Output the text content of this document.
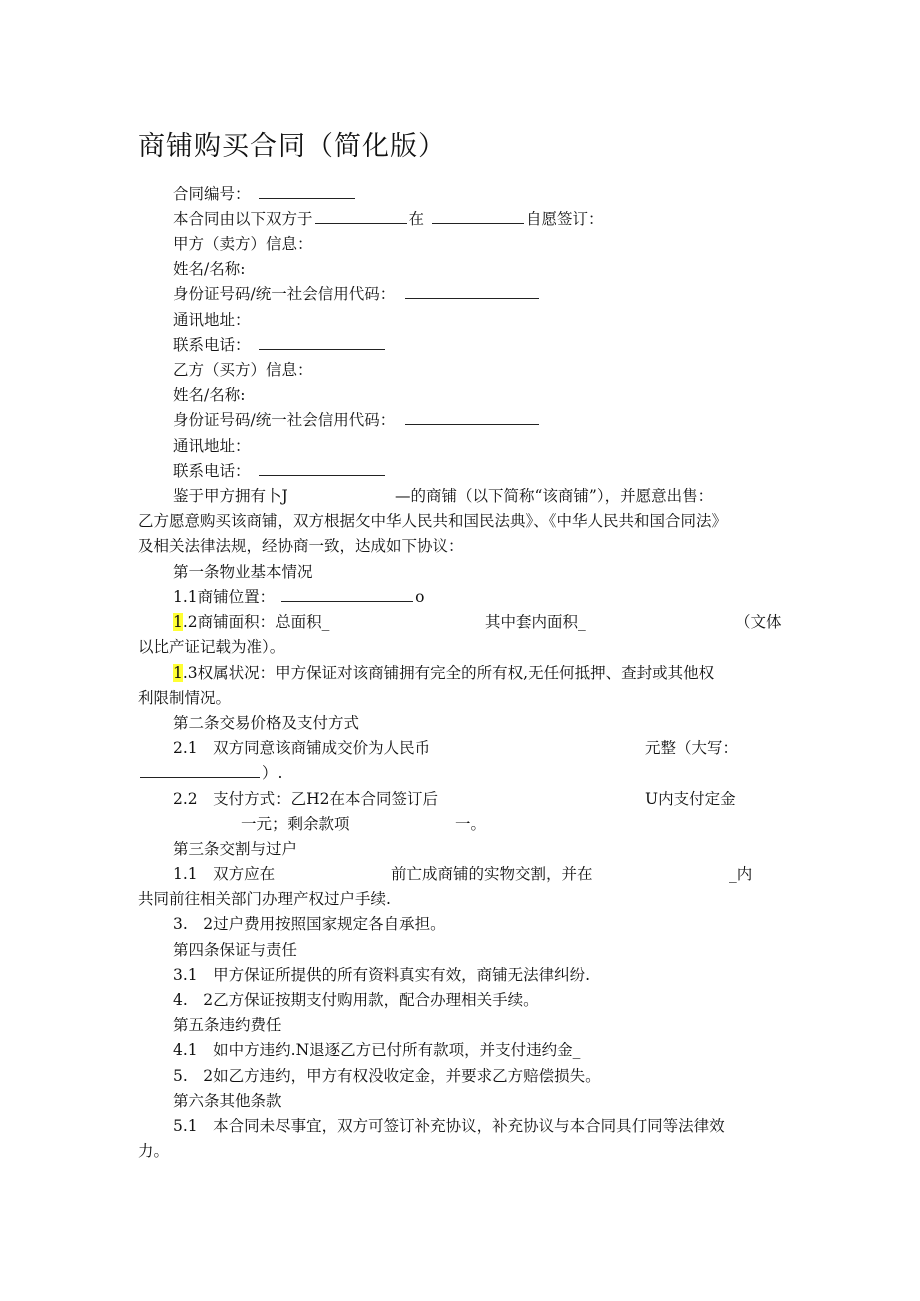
商铺购买合同（简化版）
合同编号：
本合同由以下双方于	在	自愿签订：
甲方（卖方）信息：
姓名/名称:
身份证号码/统一社会信用代码：
通讯地址：
联系电话：
乙方（买方）信息：
姓名/名称:
身份证号码/统一社会信用代码：
通讯地址：
联系电话：
鉴于甲方拥有卜J	—的商铺（以下简称“该商铺”），并愿意出售：
乙方愿意购买该商铺，双方根据攵中华人民共和国民法典》、《中华人民共和国合同法》
及相关法律法规，经协商一致，达成如下协议：
第一条物业基本情况
1.1商铺位置：	o
1.2商铺面积：总面积_	其中套内面积_	（文体
以比产证记载为准）。
1.3权属状况：甲方保证对该商铺拥有完全的所有权,无任何抵押、查封或其他权
利限制情况。
第二条交易价格及支付方式
2.1　双方同意该商铺成交价为人民币	元整（大写：
）.
2.2　支付方式：乙H2在本合同签订后	U内支付定金
一元；剩余款项	一。
第三条交割与过户
1.1　双方应在	前亡成商铺的实物交割，并在	_内
共同前往相关部门办理产权过户手续.
3.　2过户费用按照国家规定各自承担。
第四条保证与责任
3.1　甲方保证所提供的所有资料真实有效，商铺无法律纠纷.
4.　2乙方保证按期支付购用款，配合办理相关手续。
第五条违约费任
4.1　如中方违约.N退逐乙方已付所有款项，并支付违约金_
5.　2如乙方违约，甲方有权没收定金，并要求乙方赔偿损失。
第六条其他条款
5.1　本合同未尽事宜，双方可签订补充协议，补充协议与本合同具仃同等法律效
力。
